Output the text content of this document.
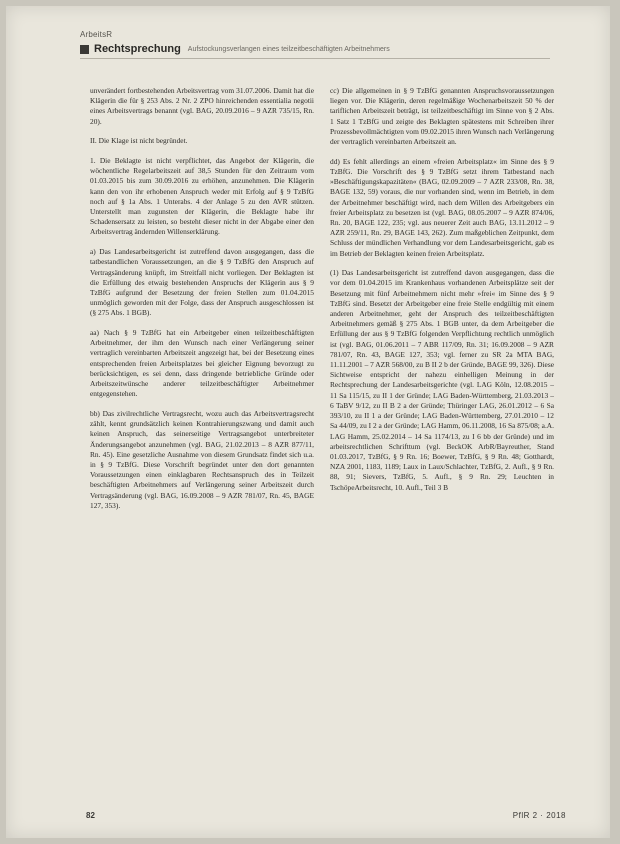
ArbeitsR
Rechtsprechung Aufstockungsverlangen eines teilzeitbeschäftigten Arbeitnehmers

unverändert fortbestehenden Arbeitsvertrag vom 31.07.2006. Damit hat die Klägerin die für § 253 Abs. 2 Nr. 2 ZPO hinreichenden essentialia negotii eines Arbeitsvertrags benannt (vgl. BAG, 20.09.2016 – 9 AZR 735/15, Rn. 20).

II. Die Klage ist nicht begründet.

1. Die Beklagte ist nicht verpflichtet, das Angebot der Klägerin, die wöchentliche Regelarbeitszeit auf 38,5 Stunden für den Zeitraum vom 01.03.2015 bis zum 30.09.2016 zu erhöhen, anzunehmen. Die Klägerin kann den von ihr erhobenen Anspruch weder mit Erfolg auf § 9 TzBfG noch auf § 1a Abs. 1 Unterabs. 4 der Anlage 5 zu den AVR stützen. Unterstellt man zugunsten der Klägerin, die Beklagte habe ihr Schadensersatz zu leisten, so besteht dieser nicht in der Abgabe einer den Arbeitsvertrag ändernden Willenserklärung.

a) Das Landesarbeitsgericht ist zutreffend davon ausgegangen, dass die tatbestandlichen Voraussetzungen, an die § 9 TzBfG den Anspruch auf Vertragsänderung knüpft, im Streitfall nicht vorliegen. Der Beklagten ist die Erfüllung des etwaig bestehenden Anspruchs der Klägerin aus § 9 TzBfG aufgrund der Besetzung der freien Stellen zum 01.04.2015 unmöglich geworden mit der Folge, dass der Anspruch ausgeschlossen ist (§ 275 Abs. 1 BGB).

aa) Nach § 9 TzBfG hat ein Arbeitgeber einen teilzeitbeschäftigten Arbeitnehmer, der ihm den Wunsch nach einer Verlängerung seiner vertraglich vereinbarten Arbeitszeit angezeigt hat, bei der Besetzung eines entsprechenden freien Arbeitsplatzes bei gleicher Eignung bevorzugt zu berücksichtigen, es sei denn, dass dringende betriebliche Gründe oder Arbeitszeitwünsche anderer teilzeitbeschäftigter Arbeitnehmer entgegenstehen.

bb) Das zivilrechtliche Vertragsrecht, wozu auch das Arbeitsvertragsrecht zählt, kennt grundsätzlich keinen Kontrahierungszwang und damit auch keinen Anspruch, das seinerseitige Vertragsangebot unterbreiteter Änderungsangebot anzunehmen (vgl. BAG, 21.02.2013 – 8 AZR 877/11, Rn. 45). Eine gesetzliche Ausnahme von diesem Grundsatz findet sich u.a. in § 9 TzBfG. Diese Vorschrift begründet unter den dort genannten Voraussetzungen einen einklagbaren Rechtsanspruch des in Teilzeit beschäftigten Arbeitnehmers auf Verlängerung seiner Arbeitszeit durch Vertragsänderung (vgl. BAG, 16.09.2008 – 9 AZR 781/07, Rn. 45, BAGE 127, 353).

cc) Die allgemeinen in § 9 TzBfG genannten Anspruchsvoraussetzungen liegen vor. Die Klägerin, deren regelmäßige Wochenarbeitszeit 50 % der tariflichen Arbeitszeit beträgt, ist teilzeitbeschäftigt im Sinne von § 2 Abs. 1 Satz 1 TzBfG und zeigte des Beklagten spätestens mit Schreiben ihrer Prozessbevollmächtigten vom 09.02.2015 ihren Wunsch nach Verlängerung der vertraglich vereinbarten Arbeitszeit an.

dd) Es fehlt allerdings an einem »freien Arbeitsplatz« im Sinne des § 9 TzBfG. Die Vorschrift des § 9 TzBfG setzt ihrem Tatbestand nach »Beschäftigungskapazitäten« (BAG, 02.09.2009 – 7 AZR 233/08, Rn. 38, BAGE 132, 59) voraus, die nur vorhanden sind, wenn im Betrieb, in dem der Arbeitnehmer beschäftigt wird, nach dem Willen des Arbeitgebers ein freier Arbeitsplatz zu besetzen ist (vgl. BAG, 08.05.2007 – 9 AZR 874/06, Rn. 20, BAGE 122, 235; vgl. aus neuerer Zeit auch BAG, 13.11.2012 – 9 AZR 259/11, Rn. 29, BAGE 143, 262). Zum maßgeblichen Zeitpunkt, dem Schluss der mündlichen Verhandlung vor dem Landesarbeitsgericht, gab es im Betrieb der Beklagten keinen freien Arbeitsplatz.

(1) Das Landesarbeitsgericht ist zutreffend davon ausgegangen, dass die vor dem 01.04.2015 im Krankenhaus vorhandenen Arbeitsplätze seit der Besetzung mit fünf Arbeitnehmern nicht mehr »frei« im Sinne des § 9 TzBfG sind. Besetzt der Arbeitgeber eine freie Stelle endgültig mit einem anderen Arbeitnehmer, geht der Anspruch des teilzeitbeschäftigten Arbeitnehmers gemäß § 275 Abs. 1 BGB unter, da dem Arbeitgeber die Erfüllung der aus § 9 TzBfG folgenden Verpflichtung rechtlich unmöglich ist (vgl. BAG, 01.06.2011 – 7 ABR 117/09, Rn. 31; 16.09.2008 – 9 AZR 781/07, Rn. 43, BAGE 127, 353; vgl. ferner zu SR 2a MTA BAG, 11.11.2001 – 7 AZR 568/00, zu B II 2 b der Gründe, BAGE 99, 326). Diese Sichtweise entspricht der nahezu einhelligen Meinung in der Rechtsprechung der Landesarbeitsgerichte (vgl. LAG Köln, 12.08.2015 – 11 Sa 115/15, zu II 1 der Gründe; LAG Baden-Württemberg, 21.03.2013 – 6 TaBV 9/12, zu II B 2 a der Gründe; Thüringer LAG, 26.01.2012 – 6 Sa 393/10, zu II 1 a der Gründe; LAG Baden-Württemberg, 27.01.2010 – 12 Sa 44/09, zu I 2 a der Gründe; LAG Hamm, 06.11.2008, 16 Sa 875/08; a.A. LAG Hamm, 25.02.2014 – 14 Sa 1174/13, zu I 6 bb der Gründe) und im arbeitsrechtlichen Schrifttum (vgl. BeckOK ArbR/Bayreuther, Stand 01.03.2017, TzBfG, § 9 Rn. 16; Boewer, TzBfG, § 9 Rn. 48; Gotthardt, NZA 2001, 1183, 1189; Laux in Laux/Schlachter, TzBfG, 2. Aufl., § 9 Rn. 88, 91; Sievers, TzBfG, 5. Aufl., § 9 Rn. 29; Leuchten in TschöpeArbeitsrecht, 10. Aufl., Teil 3 B

82	PflR 2 · 2018
